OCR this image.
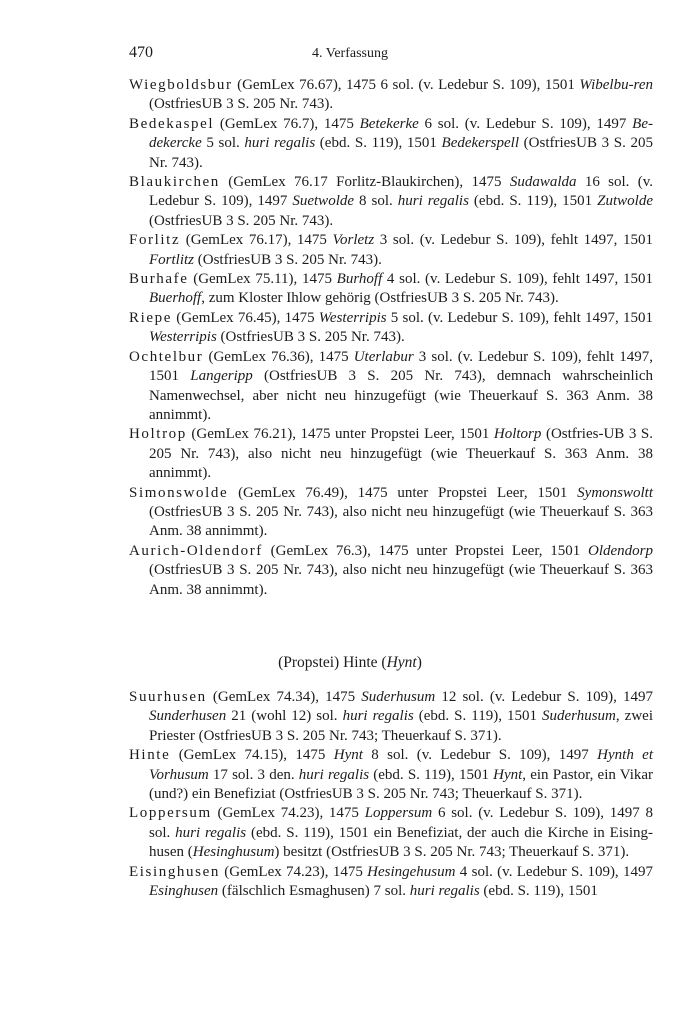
470	4. Verfassung
Wiegboldsbur (GemLex 76.67), 1475 6 sol. (v. Ledebur S. 109), 1501 Wibelbu-ren (OstfriesUB 3 S. 205 Nr. 743).
Bedekaspel (GemLex 76.7), 1475 Betekerke 6 sol. (v. Ledebur S. 109), 1497 Be-dekercke 5 sol. huri regalis (ebd. S. 119), 1501 Bedekerspell (OstfriesUB 3 S. 205 Nr. 743).
Blaukirchen (GemLex 76.17 Forlitz-Blaukirchen), 1475 Sudawalda 16 sol. (v. Ledebur S. 109), 1497 Suetwolde 8 sol. huri regalis (ebd. S. 119), 1501 Zutwolde (OstfriesUB 3 S. 205 Nr. 743).
Forlitz (GemLex 76.17), 1475 Vorletz 3 sol. (v. Ledebur S. 109), fehlt 1497, 1501 Fortlitz (OstfriesUB 3 S. 205 Nr. 743).
Burhafe (GemLex 75.11), 1475 Burhoff 4 sol. (v. Ledebur S. 109), fehlt 1497, 1501 Buerhoff, zum Kloster Ihlow gehörig (OstfriesUB 3 S. 205 Nr. 743).
Riepe (GemLex 76.45), 1475 Westerripis 5 sol. (v. Ledebur S. 109), fehlt 1497, 1501 Westerripis (OstfriesUB 3 S. 205 Nr. 743).
Ochtelbur (GemLex 76.36), 1475 Uterlabur 3 sol. (v. Ledebur S. 109), fehlt 1497, 1501 Langeripp (OstfriesUB 3 S. 205 Nr. 743), demnach wahrscheinlich Namenwechsel, aber nicht neu hinzugefügt (wie Theuerkauf S. 363 Anm. 38 annimmt).
Holtrop (GemLex 76.21), 1475 unter Propstei Leer, 1501 Holtorp (Ostfries-UB 3 S. 205 Nr. 743), also nicht neu hinzugefügt (wie Theuerkauf S. 363 Anm. 38 annimmt).
Simonswolde (GemLex 76.49), 1475 unter Propstei Leer, 1501 Symonswoltt (OstfriesUB 3 S. 205 Nr. 743), also nicht neu hinzugefügt (wie Theuerkauf S. 363 Anm. 38 annimmt).
Aurich-Oldendorf (GemLex 76.3), 1475 unter Propstei Leer, 1501 Oldendorp (OstfriesUB 3 S. 205 Nr. 743), also nicht neu hinzugefügt (wie Theuerkauf S. 363 Anm. 38 annimmt).
(Propstei) Hinte (Hynt)
Suurhusen (GemLex 74.34), 1475 Suderhusum 12 sol. (v. Ledebur S. 109), 1497 Sunderhusen 21 (wohl 12) sol. huri regalis (ebd. S. 119), 1501 Suderhusum, zwei Priester (OstfriesUB 3 S. 205 Nr. 743; Theuerkauf S. 371).
Hinte (GemLex 74.15), 1475 Hynt 8 sol. (v. Ledebur S. 109), 1497 Hynth et Vorhusum 17 sol. 3 den. huri regalis (ebd. S. 119), 1501 Hynt, ein Pastor, ein Vikar (und?) ein Benefiziat (OstfriesUB 3 S. 205 Nr. 743; Theuerkauf S. 371).
Loppersum (GemLex 74.23), 1475 Loppersum 6 sol. (v. Ledebur S. 109), 1497 8 sol. huri regalis (ebd. S. 119), 1501 ein Benefiziat, der auch die Kirche in Eising-husen (Hesinghusum) besitzt (OstfriesUB 3 S. 205 Nr. 743; Theuerkauf S. 371).
Eisinghusen (GemLex 74.23), 1475 Hesingehusum 4 sol. (v. Ledebur S. 109), 1497 Esinghusen (fälschlich Esmaghusen) 7 sol. huri regalis (ebd. S. 119), 1501
